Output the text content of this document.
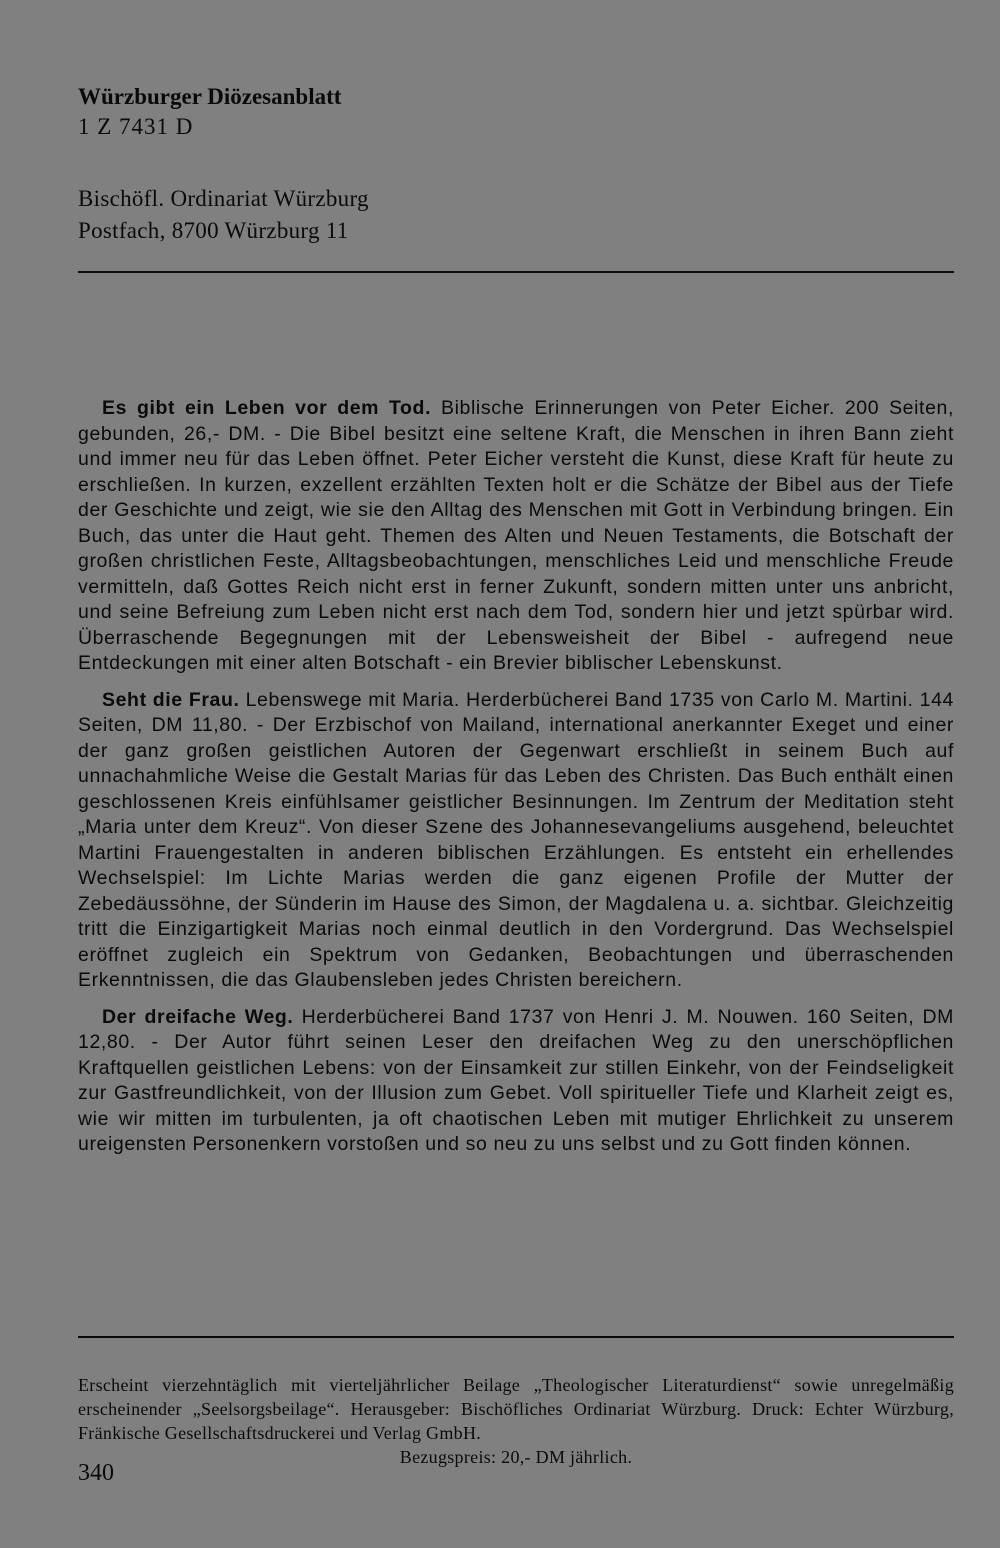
Würzburger Diözesanblatt

1 Z 7431 D

Bischöfl. Ordinariat Würzburg
Postfach, 8700 Würzburg 11

Es gibt ein Leben vor dem Tod. Biblische Erinnerungen von Peter Eicher. 200 Seiten, gebunden, 26,- DM. - Die Bibel besitzt eine seltene Kraft, die Menschen in ihren Bann zieht und immer neu für das Leben öffnet. Peter Eicher versteht die Kunst, diese Kraft für heute zu erschließen. In kurzen, exzellent erzählten Texten holt er die Schätze der Bibel aus der Tiefe der Geschichte und zeigt, wie sie den Alltag des Menschen mit Gott in Verbindung bringen. Ein Buch, das unter die Haut geht. Themen des Alten und Neuen Testaments, die Botschaft der großen christlichen Feste, Alltagsbeobachtungen, menschliches Leid und menschliche Freude vermitteln, daß Gottes Reich nicht erst in ferner Zukunft, sondern mitten unter uns anbricht, und seine Befreiung zum Leben nicht erst nach dem Tod, sondern hier und jetzt spürbar wird. Überraschende Begegnungen mit der Lebensweisheit der Bibel - aufregend neue Entdeckungen mit einer alten Botschaft - ein Brevier biblischer Lebenskunst.

Seht die Frau. Lebenswege mit Maria. Herderbücherei Band 1735 von Carlo M. Martini. 144 Seiten, DM 11,80. - Der Erzbischof von Mailand, international anerkannter Exeget und einer der ganz großen geistlichen Autoren der Gegenwart erschließt in seinem Buch auf unnachahmliche Weise die Gestalt Marias für das Leben des Christen. Das Buch enthält einen geschlossenen Kreis einfühlsamer geistlicher Besinnungen. Im Zentrum der Meditation steht „Maria unter dem Kreuz“. Von dieser Szene des Johannesevangeliums ausgehend, beleuchtet Martini Frauengestalten in anderen biblischen Erzählungen. Es entsteht ein erhellendes Wechselspiel: Im Lichte Marias werden die ganz eigenen Profile der Mutter der Zebedäussöhne, der Sünderin im Hause des Simon, der Magdalena u. a. sichtbar. Gleichzeitig tritt die Einzigartigkeit Marias noch einmal deutlich in den Vordergrund. Das Wechselspiel eröffnet zugleich ein Spektrum von Gedanken, Beobachtungen und überraschenden Erkenntnissen, die das Glaubensleben jedes Christen bereichern.

Der dreifache Weg. Herderbücherei Band 1737 von Henri J. M. Nouwen. 160 Seiten, DM 12,80. - Der Autor führt seinen Leser den dreifachen Weg zu den unerschöpflichen Kraftquellen geistlichen Lebens: von der Einsamkeit zur stillen Einkehr, von der Feindseligkeit zur Gastfreundlichkeit, von der Illusion zum Gebet. Voll spiritueller Tiefe und Klarheit zeigt es, wie wir mitten im turbulenten, ja oft chaotischen Leben mit mutiger Ehrlichkeit zu unserem ureigensten Personenkern vorstoßen und so neu zu uns selbst und zu Gott finden können.

Erscheint vierzehntäglich mit vierteljährlicher Beilage „Theologischer Literaturdienst“ sowie unregelmäßig erscheinender „Seelsorgsbeilage“. Herausgeber: Bischöfliches Ordinariat Würzburg. Druck: Echter Würzburg, Fränkische Gesellschaftsdruckerei und Verlag GmbH.
Bezugspreis: 20,- DM jährlich.
340
